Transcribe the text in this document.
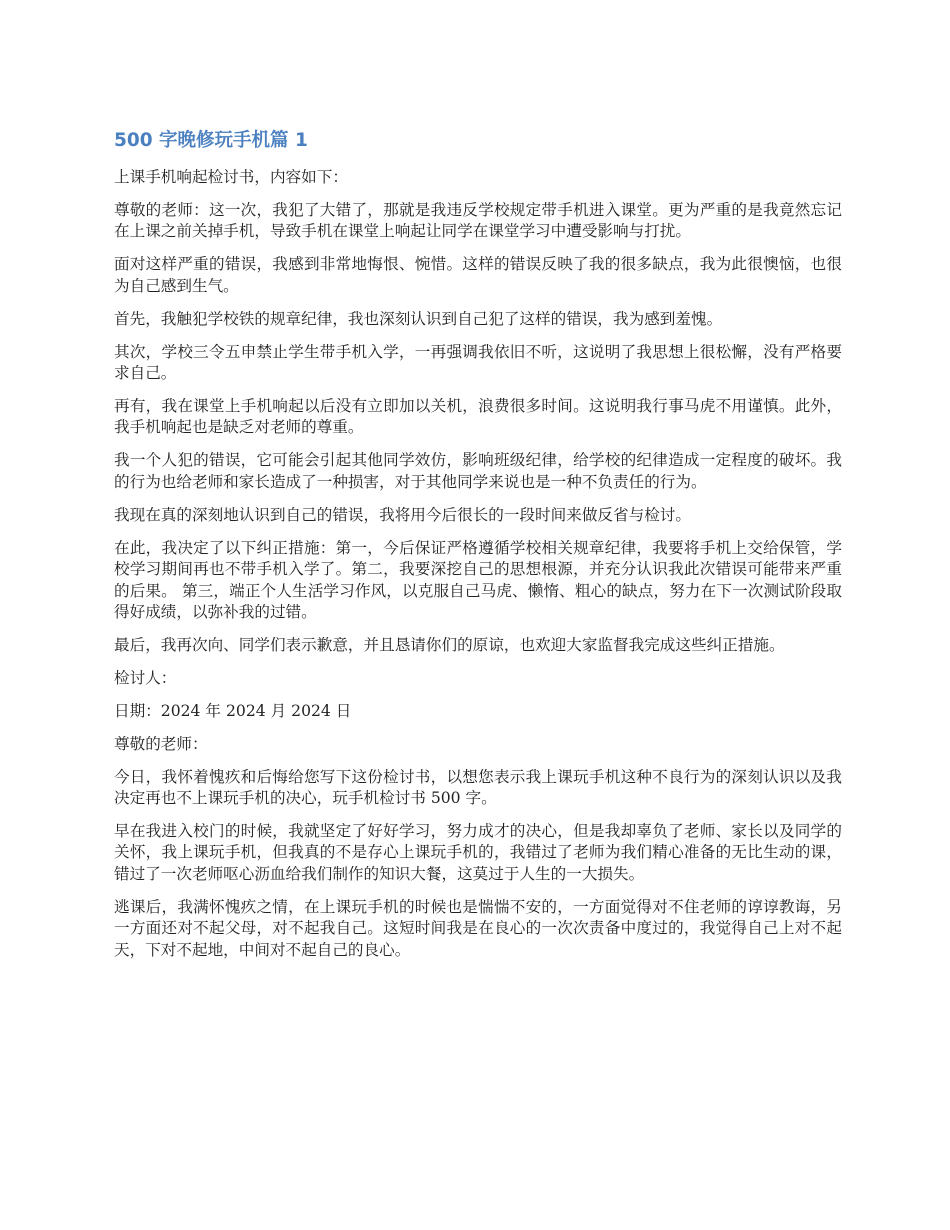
500 字晚修玩手机篇 1

上课手机响起检讨书，内容如下：

尊敬的老师：这一次，我犯了大错了，那就是我违反学校规定带手机进入课堂。更为严重的是我竟然忘记在上课之前关掉手机，导致手机在课堂上响起让同学在课堂学习中遭受影响与打扰。

面对这样严重的错误，我感到非常地悔恨、惋惜。这样的错误反映了我的很多缺点，我为此很懊恼，也很为自己感到生气。

首先，我触犯学校铁的规章纪律，我也深刻认识到自己犯了这样的错误，我为感到羞愧。

其次，学校三令五申禁止学生带手机入学，一再强调我依旧不听，这说明了我思想上很松懈，没有严格要求自己。

再有，我在课堂上手机响起以后没有立即加以关机，浪费很多时间。这说明我行事马虎不用谨慎。此外，我手机响起也是缺乏对老师的尊重。

我一个人犯的错误，它可能会引起其他同学效仿，影响班级纪律，给学校的纪律造成一定程度的破坏。我的行为也给老师和家长造成了一种损害，对于其他同学来说也是一种不负责任的行为。

我现在真的深刻地认识到自己的错误，我将用今后很长的一段时间来做反省与检讨。

在此，我决定了以下纠正措施：第一，今后保证严格遵循学校相关规章纪律，我要将手机上交给保管，学校学习期间再也不带手机入学了。第二，我要深挖自己的思想根源，并充分认识我此次错误可能带来严重的后果。 第三，端正个人生活学习作风，以克服自己马虎、懒惰、粗心的缺点，努力在下一次测试阶段取得好成绩，以弥补我的过错。

最后，我再次向、同学们表示歉意，并且恳请你们的原谅，也欢迎大家监督我完成这些纠正措施。

检讨人：

日期：2024 年 2024 月 2024 日

尊敬的老师：

今日，我怀着愧疚和后悔给您写下这份检讨书，以想您表示我上课玩手机这种不良行为的深刻认识以及我决定再也不上课玩手机的决心，玩手机检讨书 500 字。

早在我进入校门的时候，我就坚定了好好学习，努力成才的决心，但是我却辜负了老师、家长以及同学的关怀，我上课玩手机，但我真的不是存心上课玩手机的，我错过了老师为我们精心准备的无比生动的课，错过了一次老师呕心沥血给我们制作的知识大餐，这莫过于人生的一大损失。

逃课后，我满怀愧疚之情，在上课玩手机的时候也是惴惴不安的，一方面觉得对不住老师的谆谆教诲，另一方面还对不起父母，对不起我自己。这短时间我是在良心的一次次责备中度过的，我觉得自己上对不起天，下对不起地，中间对不起自己的良心。
